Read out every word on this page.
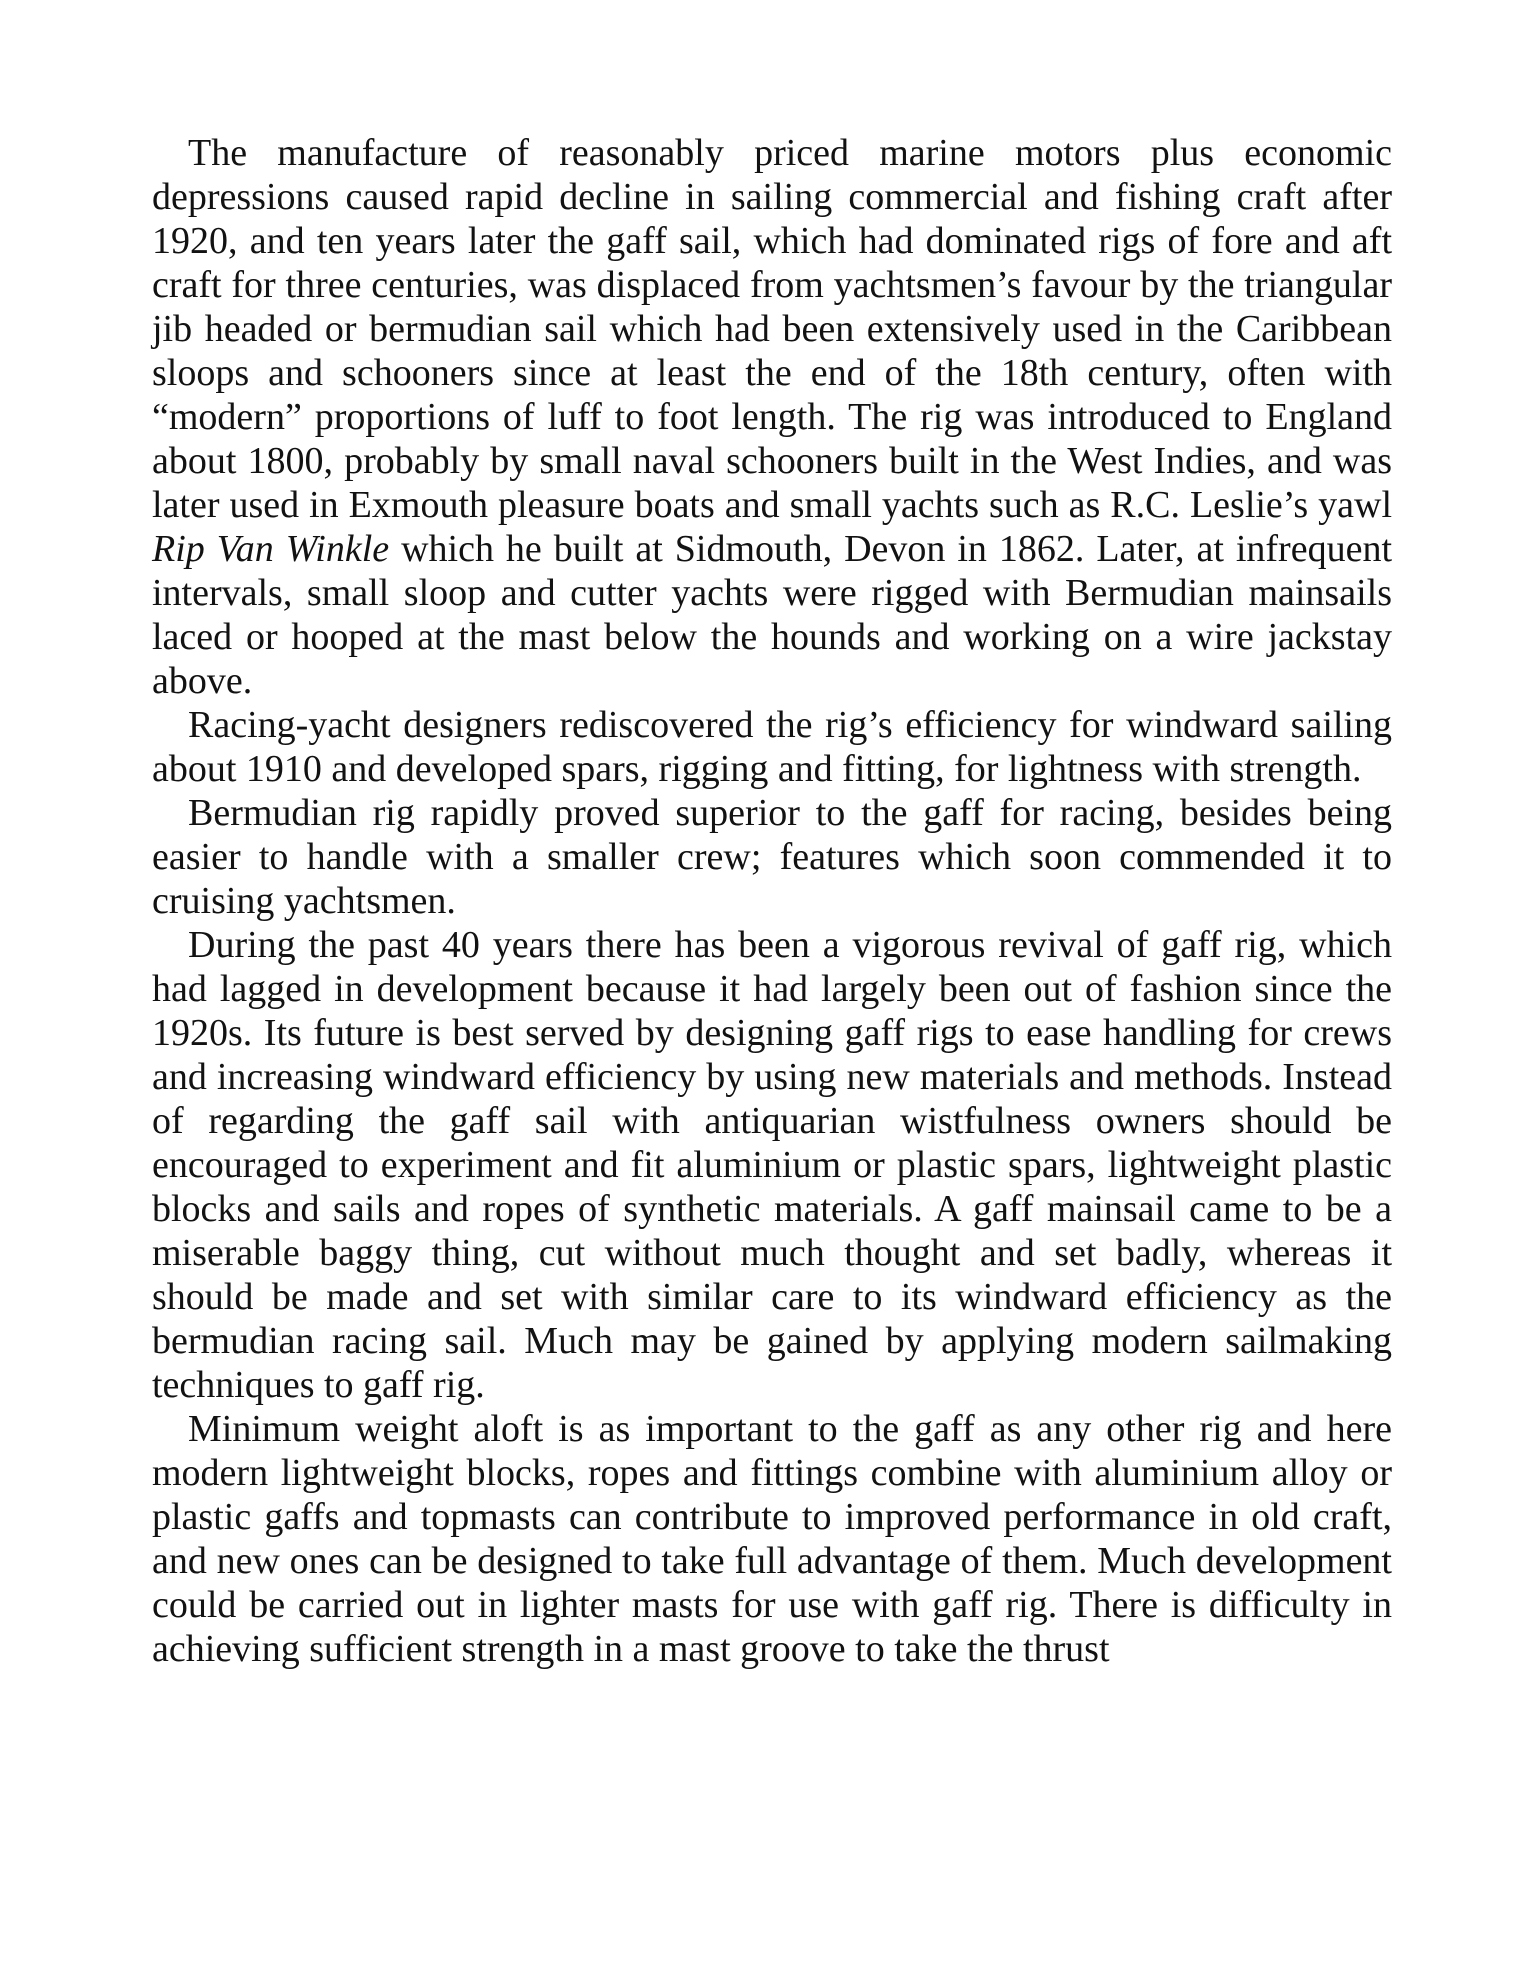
The manufacture of reasonably priced marine motors plus economic depressions caused rapid decline in sailing commercial and fishing craft after 1920, and ten years later the gaff sail, which had dominated rigs of fore and aft craft for three centuries, was displaced from yachtsmen’s favour by the triangular jib headed or bermudian sail which had been extensively used in the Caribbean sloops and schooners since at least the end of the 18th century, often with “modern” proportions of luff to foot length. The rig was introduced to England about 1800, probably by small naval schooners built in the West Indies, and was later used in Exmouth pleasure boats and small yachts such as R.C. Leslie’s yawl Rip Van Winkle which he built at Sidmouth, Devon in 1862. Later, at infrequent intervals, small sloop and cutter yachts were rigged with Bermudian mainsails laced or hooped at the mast below the hounds and working on a wire jackstay above.

Racing-yacht designers rediscovered the rig’s efficiency for windward sailing about 1910 and developed spars, rigging and fitting, for lightness with strength.

Bermudian rig rapidly proved superior to the gaff for racing, besides being easier to handle with a smaller crew; features which soon commended it to cruising yachtsmen.

During the past 40 years there has been a vigorous revival of gaff rig, which had lagged in development because it had largely been out of fashion since the 1920s. Its future is best served by designing gaff rigs to ease handling for crews and increasing windward efficiency by using new materials and methods. Instead of regarding the gaff sail with antiquarian wistfulness owners should be encouraged to experiment and fit aluminium or plastic spars, lightweight plastic blocks and sails and ropes of synthetic materials. A gaff mainsail came to be a miserable baggy thing, cut without much thought and set badly, whereas it should be made and set with similar care to its windward efficiency as the bermudian racing sail. Much may be gained by applying modern sailmaking techniques to gaff rig.

Minimum weight aloft is as important to the gaff as any other rig and here modern lightweight blocks, ropes and fittings combine with aluminium alloy or plastic gaffs and topmasts can contribute to improved performance in old craft, and new ones can be designed to take full advantage of them. Much development could be carried out in lighter masts for use with gaff rig. There is difficulty in achieving sufficient strength in a mast groove to take the thrust
